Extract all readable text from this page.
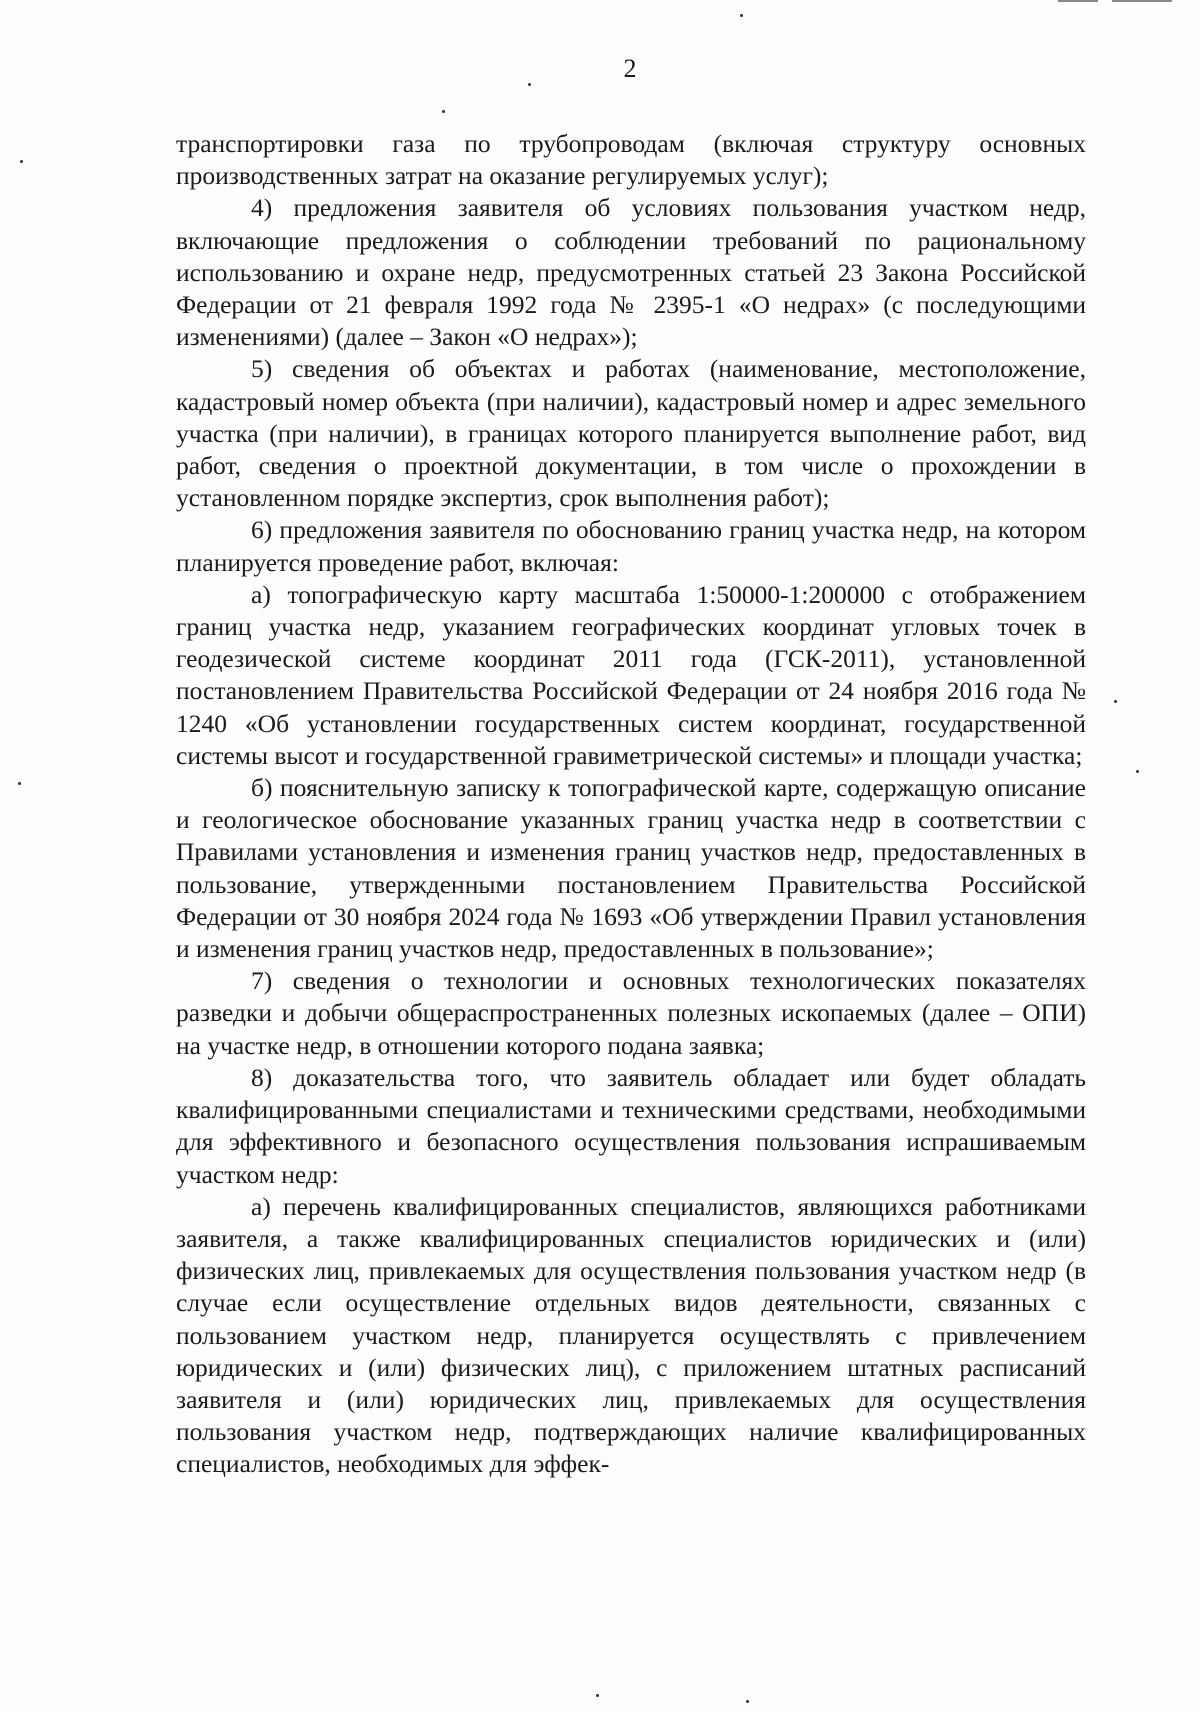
2

транспортировки газа по трубопроводам (включая структуру основных производственных затрат на оказание регулируемых услуг);

4) предложения заявителя об условиях пользования участком недр, включающие предложения о соблюдении требований по рациональному использованию и охране недр, предусмотренных статьей 23 Закона Российской Федерации от 21 февраля 1992 года № 2395-1 «О недрах» (с последующими изменениями) (далее – Закон «О недрах»);

5) сведения об объектах и работах (наименование, местоположение, кадастровый номер объекта (при наличии), кадастровый номер и адрес земельного участка (при наличии), в границах которого планируется выполнение работ, вид работ, сведения о проектной документации, в том числе о прохождении в установленном порядке экспертиз, срок выполнения работ);

6) предложения заявителя по обоснованию границ участка недр, на котором планируется проведение работ, включая:

а) топографическую карту масштаба 1:50000-1:200000 с отображением границ участка недр, указанием географических координат угловых точек в геодезической системе координат 2011 года (ГСК-2011), установленной постановлением Правительства Российской Федерации от 24 ноября 2016 года № 1240 «Об установлении государственных систем координат, государственной системы высот и государственной гравиметрической системы» и площади участка;

б) пояснительную записку к топографической карте, содержащую описание и геологическое обоснование указанных границ участка недр в соответствии с Правилами установления и изменения границ участков недр, предоставленных в пользование, утвержденными постановлением Правительства Российской Федерации от 30 ноября 2024 года № 1693 «Об утверждении Правил установления и изменения границ участков недр, предоставленных в пользование»;

7) сведения о технологии и основных технологических показателях разведки и добычи общераспространенных полезных ископаемых (далее – ОПИ) на участке недр, в отношении которого подана заявка;

8) доказательства того, что заявитель обладает или будет обладать квалифицированными специалистами и техническими средствами, необходимыми для эффективного и безопасного осуществления пользования испрашиваемым участком недр:

а) перечень квалифицированных специалистов, являющихся работниками заявителя, а также квалифицированных специалистов юридических и (или) физических лиц, привлекаемых для осуществления пользования участком недр (в случае если осуществление отдельных видов деятельности, связанных с пользованием участком недр, планируется осуществлять с привлечением юридических и (или) физических лиц), с приложением штатных расписаний заявителя и (или) юридических лиц, привлекаемых для осуществления пользования участком недр, подтверждающих наличие квалифицированных специалистов, необходимых для эффек-
